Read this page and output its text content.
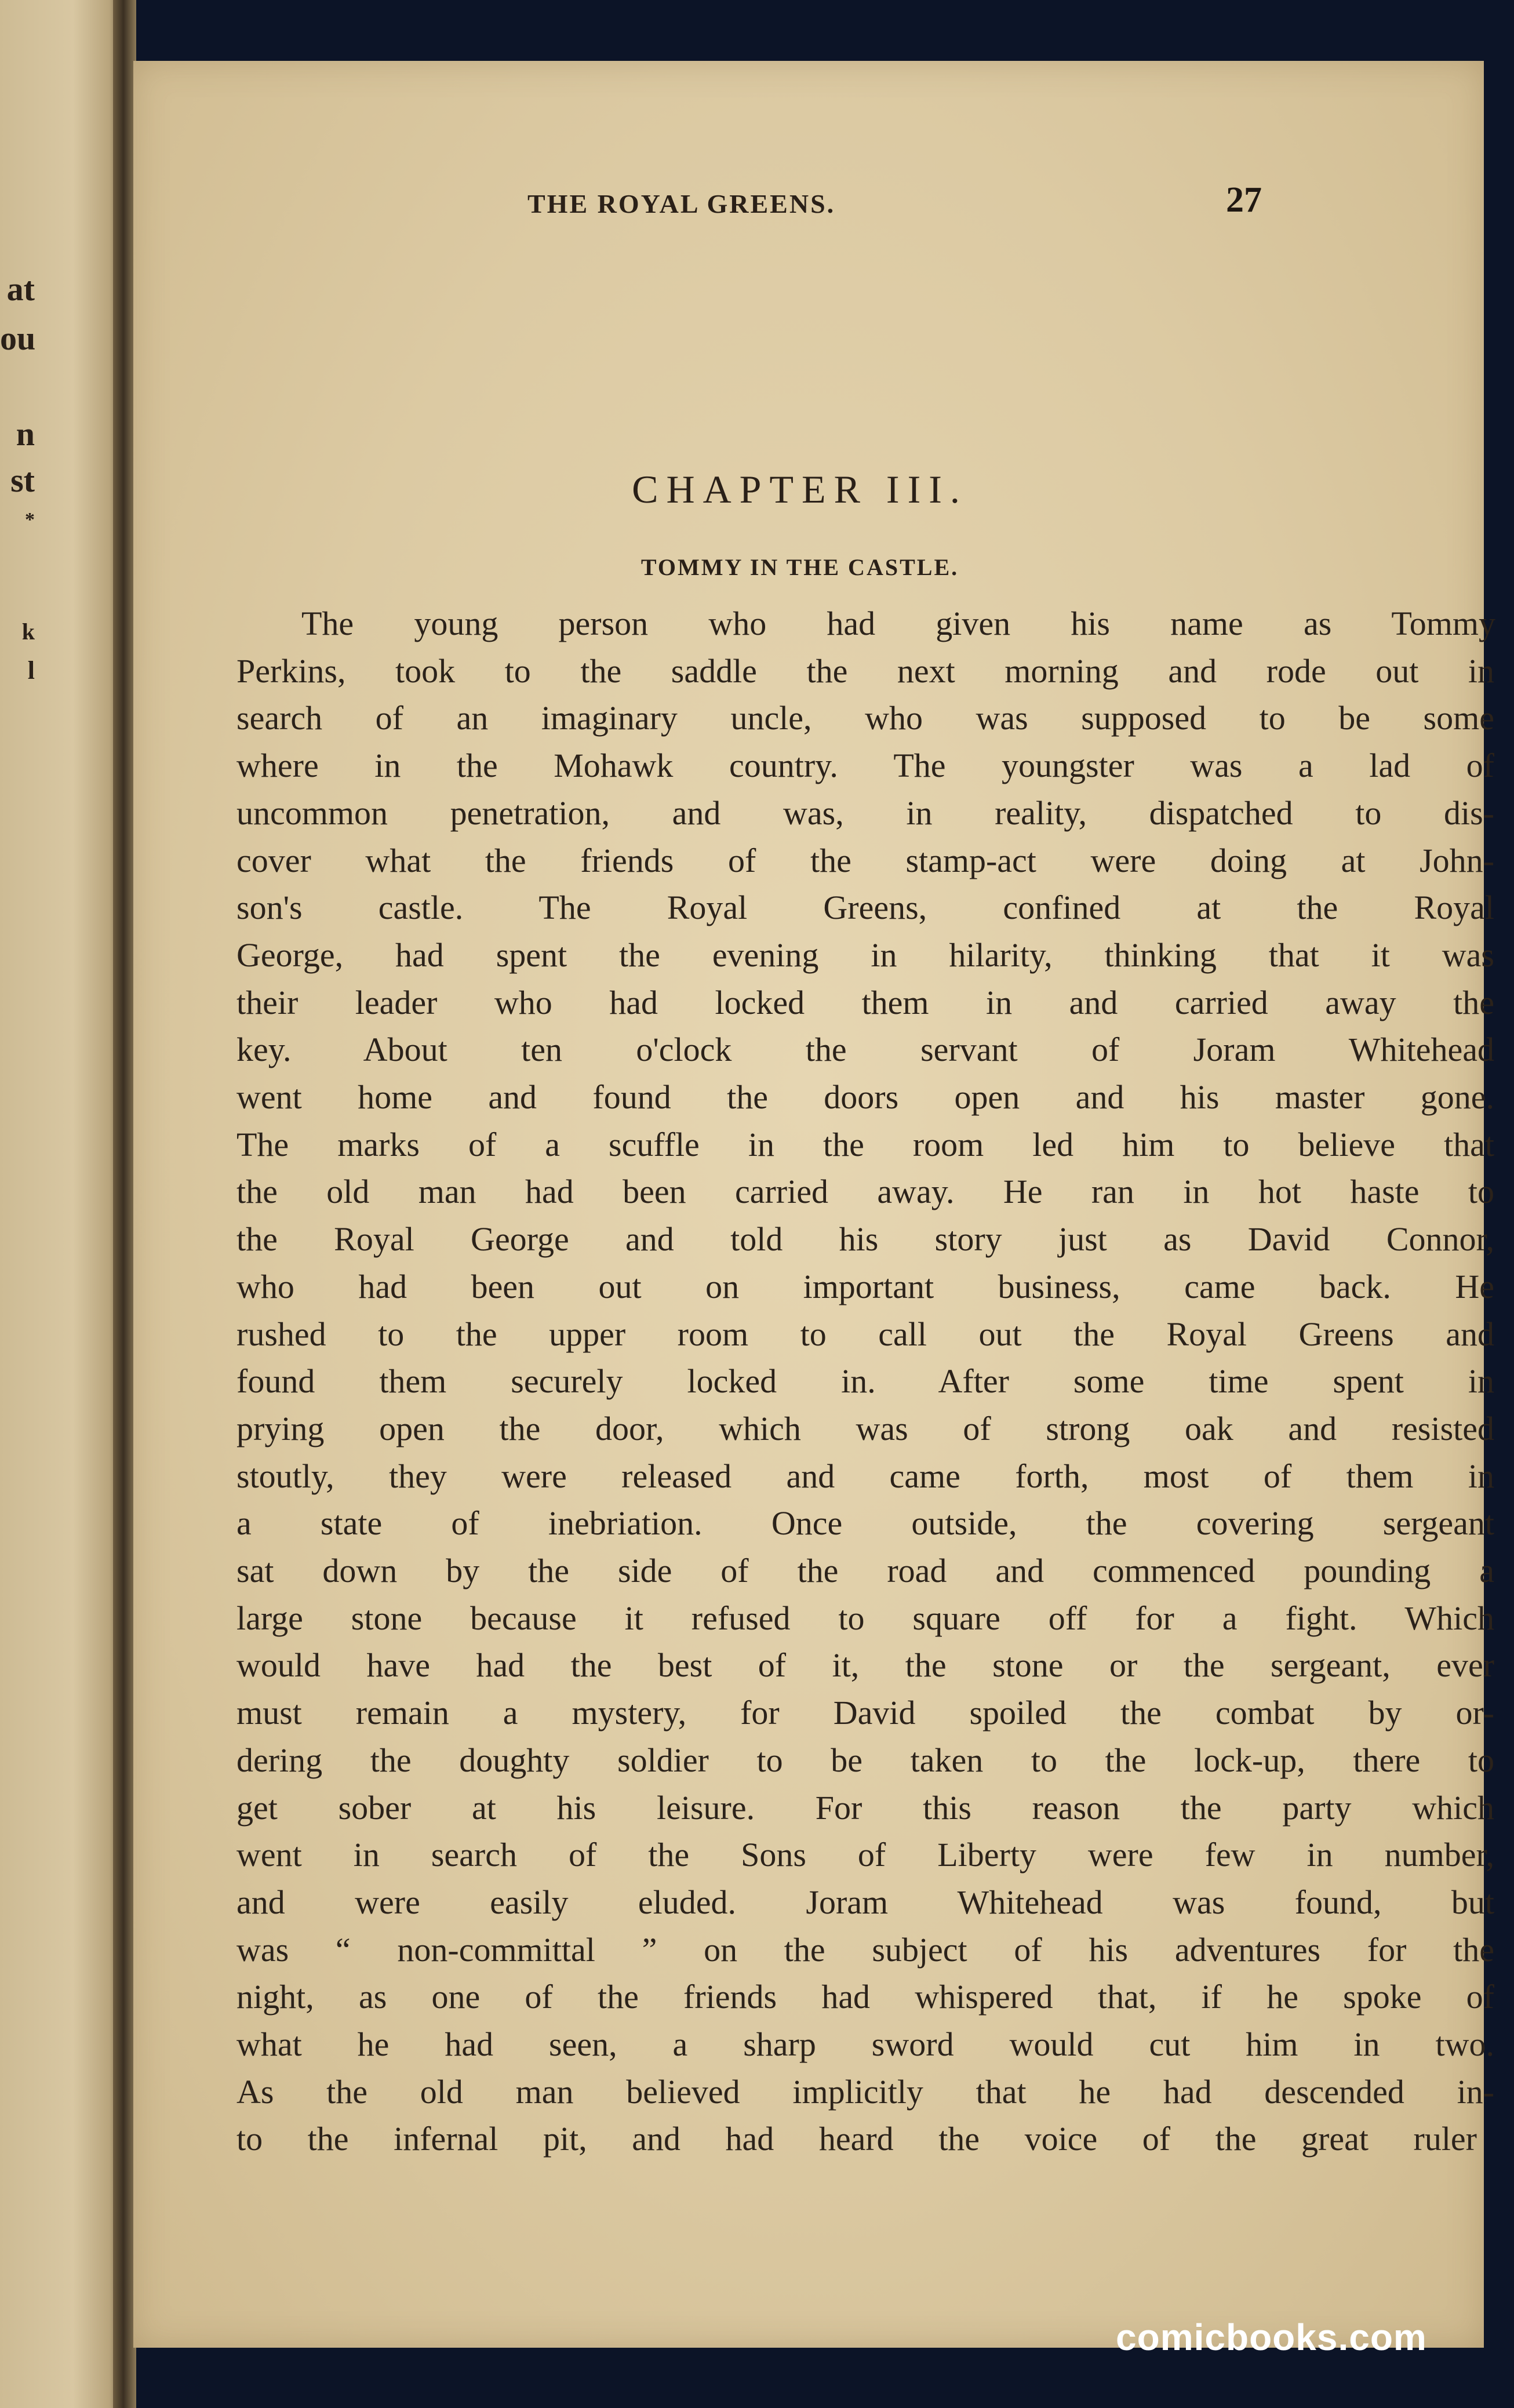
at
ou
n
st
*
k
l
THE ROYAL GREENS.	27
CHAPTER III.
TOMMY IN THE CASTLE.
The young person who had given his name as Tommy
Perkins, took to the saddle the next morning and rode out in
search of an imaginary uncle, who was supposed to be some
where in the Mohawk country. The youngster was a lad of
uncommon penetration, and was, in reality, dispatched to dis-
cover what the friends of the stamp-act were doing at John-
son's castle. The Royal Greens, confined at the Royal
George, had spent the evening in hilarity, thinking that it was
their leader who had locked them in and carried away the
key. About ten o'clock the servant of Joram Whitehead
went home and found the doors open and his master gone.
The marks of a scuffle in the room led him to believe that
the old man had been carried away. He ran in hot haste to
the Royal George and told his story just as David Connor,
who had been out on important business, came back. He
rushed to the upper room to call out the Royal Greens and
found them securely locked in. After some time spent in
prying open the door, which was of strong oak and resisted
stoutly, they were released and came forth, most of them in
a state of inebriation. Once outside, the covering sergeant
sat down by the side of the road and commenced pounding a
large stone because it refused to square off for a fight. Which
would have had the best of it, the stone or the sergeant, ever
must remain a mystery, for David spoiled the combat by or-
dering the doughty soldier to be taken to the lock-up, there to
get sober at his leisure. For this reason the party which
went in search of the Sons of Liberty were few in number,
and were easily eluded. Joram Whitehead was found, but
was “ non-committal ” on the subject of his adventures for the
night, as one of the friends had whispered that, if he spoke of
what he had seen, a sharp sword would cut him in two.
As the old man believed implicitly that he had descended in-
to the infernal pit, and had heard the voice of the great ruler
comicbooks.com
